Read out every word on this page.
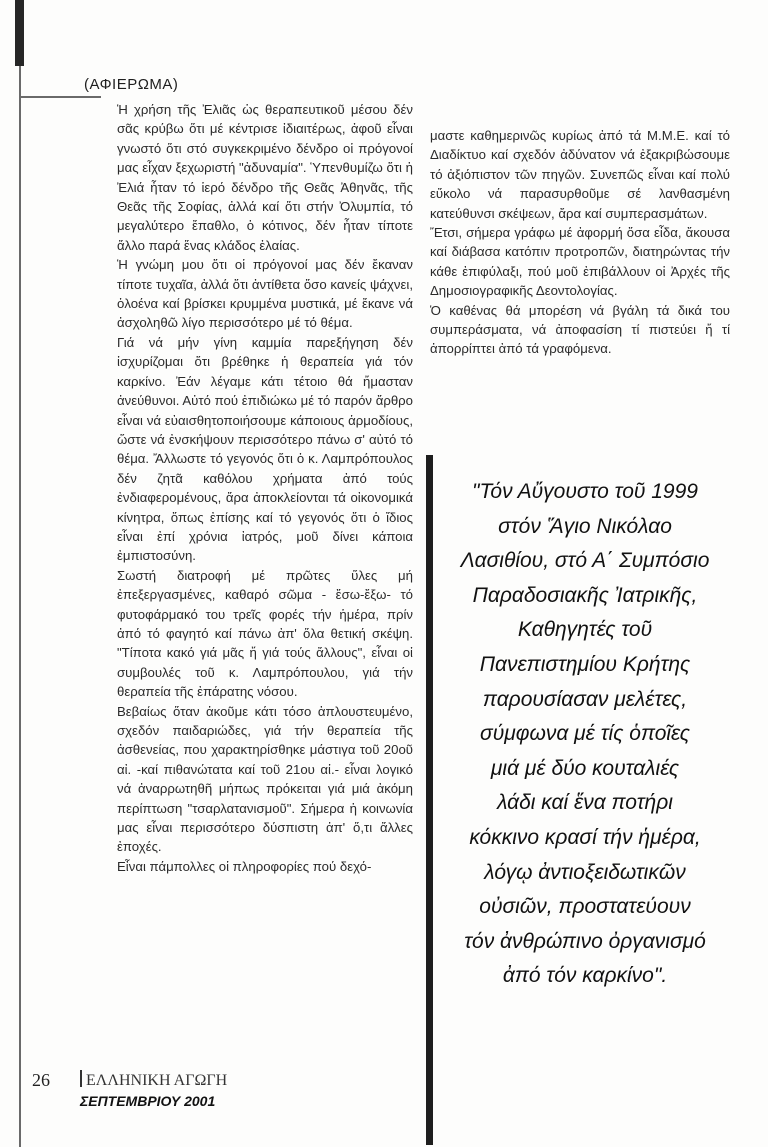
(ΑΦΙΕΡΩΜΑ)

Ἡ χρήση τῆς Ἐλιᾶς ὡς θεραπευτικοῦ μέσου δέν σᾶς κρύβω ὅτι μέ κέντρισε ἰδιαιτέρως, ἀφοῦ εἶναι γνωστό ὅτι στό συγκεκριμένο δένδρο οἱ πρόγονοί μας εἶχαν ξεχωριστή "ἀδυναμία". Ὑπενθυμίζω ὅτι ἡ Ἐλιά ἦταν τό ἱερό δένδρο τῆς Θεᾶς Ἀθηνᾶς, τῆς Θεᾶς τῆς Σοφίας, ἀλλά καί ὅτι στήν Ὀλυμπία, τό μεγαλύτερο ἔπαθλο, ὁ κότινος, δέν ἦταν τίποτε ἄλλο παρά ἕνας κλάδος ἐλαίας.

Ἡ γνώμη μου ὅτι οἱ πρόγονοί μας δέν ἔκαναν τίποτε τυχαῖα, ἀλλά ὅτι ἀντίθετα ὅσο κανείς ψάχνει, ὁλοένα καί βρίσκει κρυμμένα μυστικά, μέ ἔκανε νά ἀσχοληθῶ λίγο περισσότερο μέ τό θέμα.

Γιά νά μήν γίνη καμμία παρεξήγηση δέν ἰσχυρίζομαι ὅτι βρέθηκε ἡ θεραπεία γιά τόν καρκίνο. Ἐάν λέγαμε κάτι τέτοιο θά ἤμασταν ἀνεύθυνοι. Αὐτό πού ἐπιδιώκω μέ τό παρόν ἄρθρο εἶναι νά εὐαισθητοποιήσουμε κάποιους ἁρμοδίους, ὥστε νά ἐνσκήψουν περισσότερο πάνω σ' αὐτό τό θέμα. Ἄλλωστε τό γεγονός ὅτι ὁ κ. Λαμπρόπουλος δέν ζητᾶ καθόλου χρήματα ἀπό τούς ἐνδιαφερομένους, ἄρα ἀποκλείονται τά οἰκονομικά κίνητρα, ὅπως ἐπίσης καί τό γεγονός ὅτι ὁ ἴδιος εἶναι ἐπί χρόνια ἰατρός, μοῦ δίνει κάποια ἐμπιστοσύνη.

Σωστή διατροφή μέ πρῶτες ὕλες μή ἐπεξεργασμένες, καθαρό σῶμα - ἔσω-ἔξω- τό φυτοφάρμακό του τρεῖς φορές τήν ἡμέρα, πρίν ἀπό τό φαγητό καί πάνω ἀπ' ὅλα θετική σκέψη. "Τίποτα κακό γιά μᾶς ἤ γιά τούς ἄλλους", εἶναι οἱ συμβουλές τοῦ κ. Λαμπρόπουλου, γιά τήν θεραπεία τῆς ἐπάρατης νόσου.

Βεβαίως ὅταν ἀκοῦμε κάτι τόσο ἁπλουστευμένο, σχεδόν παιδαριώδες, γιά τήν θεραπεία τῆς ἀσθενείας, που χαρακτηρίσθηκε μάστιγα τοῦ 20οῦ αἰ. -καί πιθανώτατα καί τοῦ 21ου αἰ.- εἶναι λογικό νά ἀναρρωτηθῆ μήπως πρόκειται γιά μιά ἀκόμη περίπτωση "τσαρλατανισμοῦ". Σήμερα ἡ κοινωνία μας εἶναι περισσότερο δύσπιστη ἀπ' ὅ,τι ἄλλες ἐποχές.

Εἶναι πάμπολλες οἱ πληροφορίες πού δεχό-

μαστε καθημερινῶς κυρίως ἀπό τά Μ.Μ.Ε. καί τό Διαδίκτυο καί σχεδόν ἀδύνατον νά ἐξακριβώσουμε τό ἀξιόπιστον τῶν πηγῶν. Συνεπῶς εἶναι καί πολύ εὔκολο νά παρασυρθοῦμε σέ λανθασμένη κατεύθυνσι σκέψεων, ἄρα καί συμπερασμάτων.

Ἔτσι, σήμερα γράφω μέ ἀφορμή ὅσα εἶδα, ἄκουσα καί διάβασα κατόπιν προτροπῶν, διατηρώντας τήν κάθε ἐπιφύλαξι, πού μοῦ ἐπιβάλλουν οἱ Ἀρχές τῆς Δημοσιογραφικῆς Δεοντολογίας.

Ὁ καθένας θά μπορέση νά βγάλη τά δικά του συμπεράσματα, νά ἀποφασίση τί πιστεύει ἤ τί ἀπορρίπτει ἀπό τά γραφόμενα.

"Τόν Αὔγουστο τοῦ 1999
στόν Ἅγιο Νικόλαο
Λασιθίου, στό Α΄ Συμπόσιο
Παραδοσιακῆς Ἰατρικῆς,
Καθηγητές τοῦ
Πανεπιστημίου Κρήτης
παρουσίασαν μελέτες,
σύμφωνα μέ τίς ὁποῖες
μιά μέ δύο κουταλιές
λάδι καί ἕνα ποτήρι
κόκκινο κρασί τήν ἡμέρα,
λόγῳ ἀντιοξειδωτικῶν
οὐσιῶν, προστατεύουν
τόν ἀνθρώπινο ὀργανισμό
ἀπό τόν καρκίνο".
26	ΕΛΛΗΝΙΚΗ ΑΓΩΓΗ
ΣΕΠΤΕΜΒΡΙΟΥ 2001
